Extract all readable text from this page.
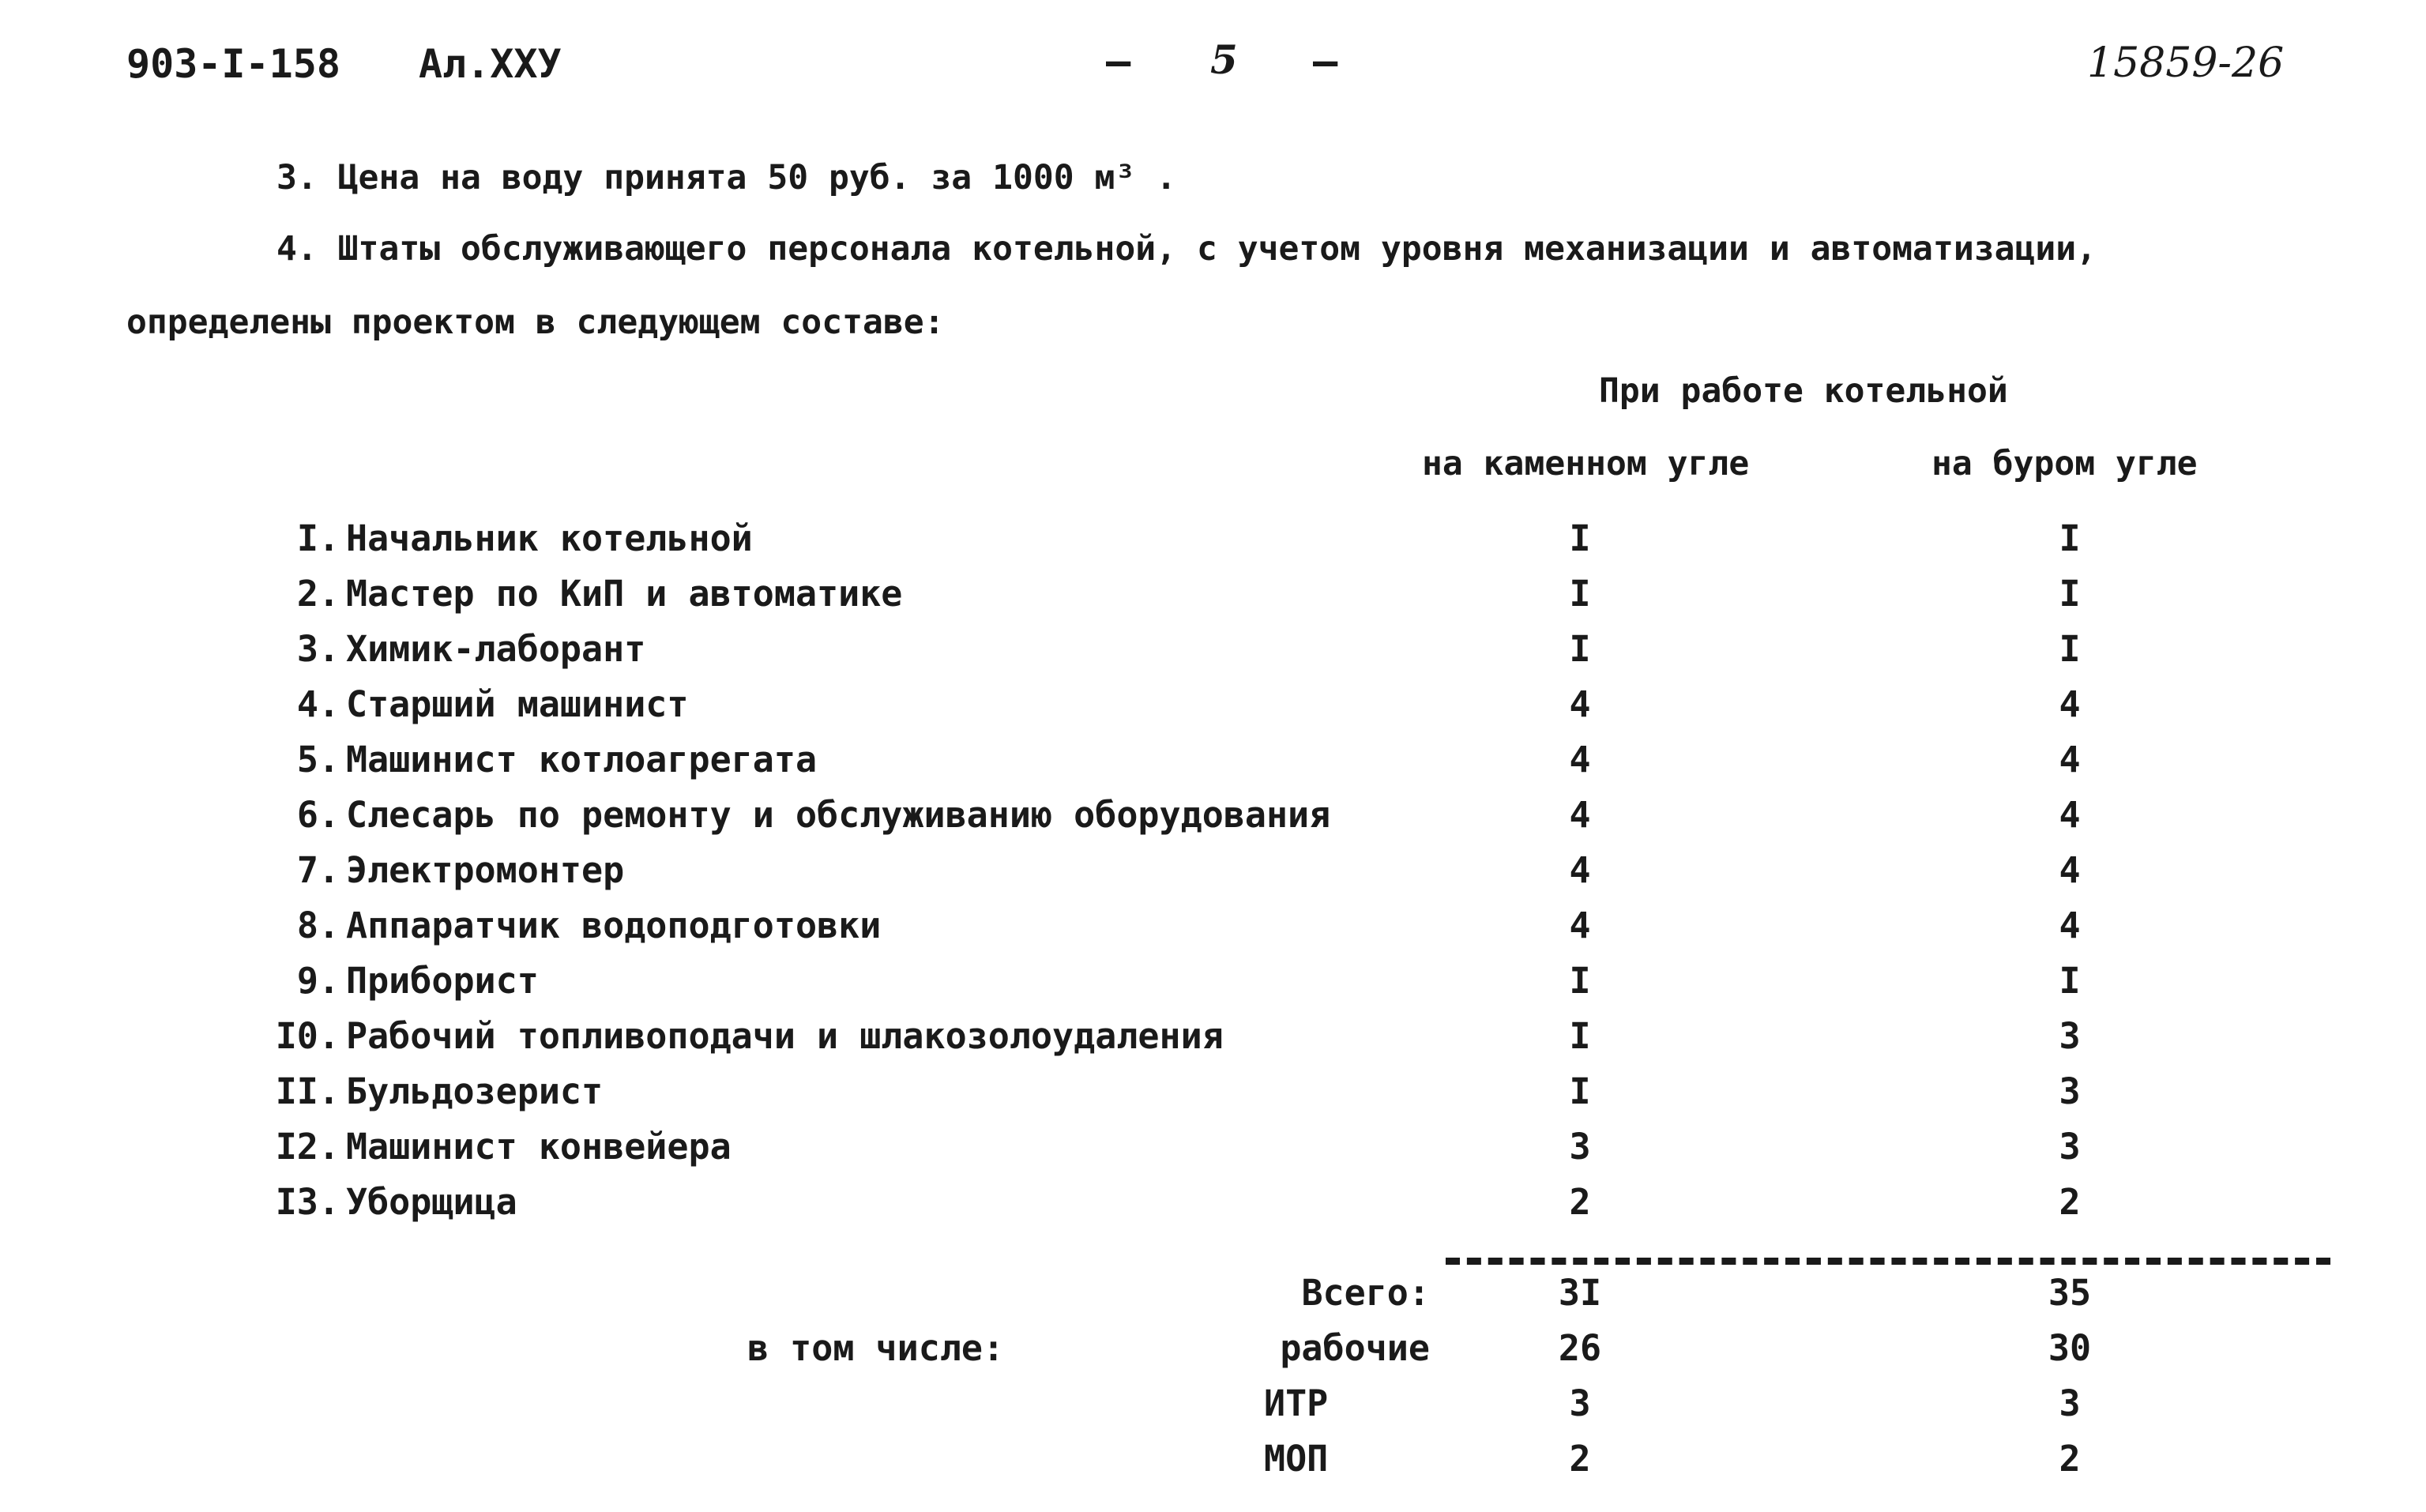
903-I-158 Ал.XXУ	– 5 –	15859-26
3. Цена на воду принята 50 руб. за 1000 м³ .
4. Штаты обслуживающего персонала котельной, с учетом уровня механизации и автоматизации,
определены проектом в следующем составе:
При работе котельной
на каменном угле	на буром угле
I. Начальник котельной	I	I
2. Мастер по КиП и автоматике	I	I
3. Химик-лаборант	I	I
4. Старший машинист	4	4
5. Машинист котлоагрегата	4	4
6. Слесарь по ремонту и обслуживанию оборудования	4	4
7. Электромонтер	4	4
8. Аппаратчик водоподготовки	4	4
9. Приборист	I	I
I0. Рабочий топливоподачи и шлакозолоудаления	I	3
II. Бульдозерист	I	3
I2. Машинист конвейера	3	3
I3. Уборщица	2	2
Всего:	3I	35
в том числе:	рабочие	26	30
ИТР	3	3
МОП	2	2
